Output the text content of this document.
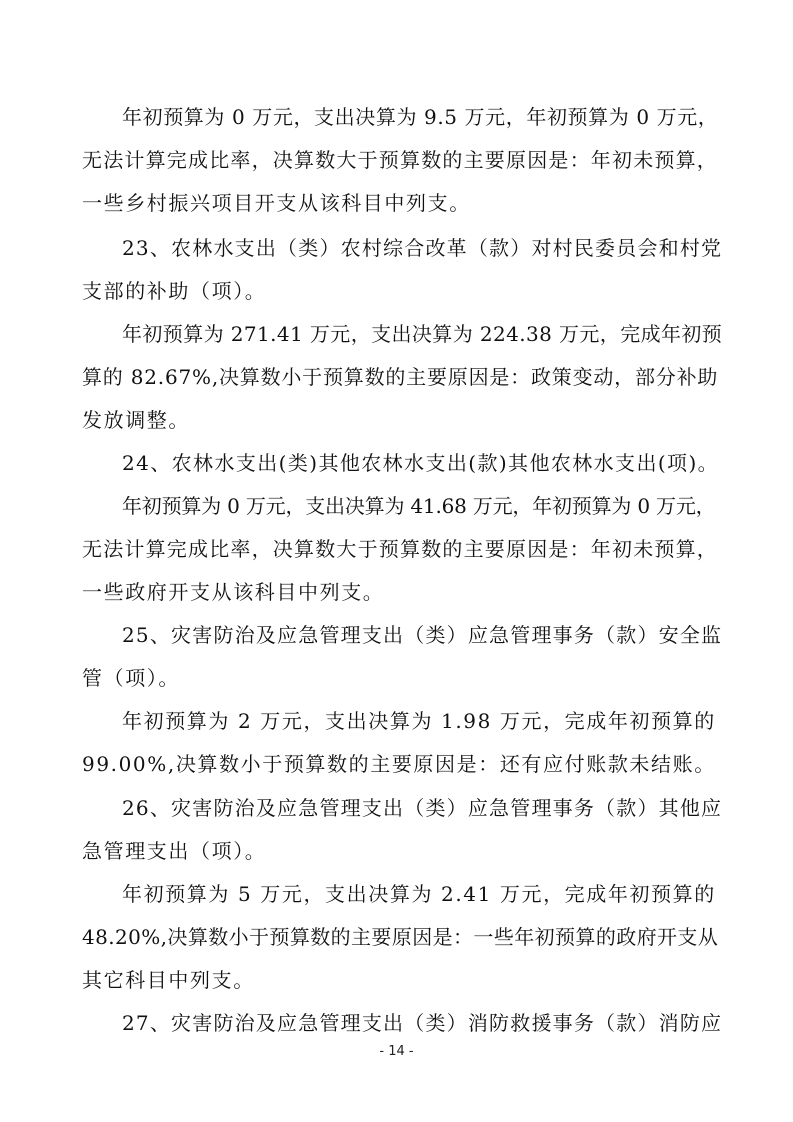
年初预算为 0 万元，支出决算为 9.5 万元，年初预算为 0 万元，
无法计算完成比率，决算数大于预算数的主要原因是：年初未预算，
一些乡村振兴项目开支从该科目中列支。
23、农林水支出（类）农村综合改革（款）对村民委员会和村党
支部的补助（项）。
年初预算为 271.41 万元，支出决算为 224.38 万元，完成年初预
算的 82.67%,决算数小于预算数的主要原因是：政策变动，部分补助
发放调整。
24、农林水支出(类)其他农林水支出(款)其他农林水支出(项)。
年初预算为 0 万元，支出决算为 41.68 万元，年初预算为 0 万元，
无法计算完成比率，决算数大于预算数的主要原因是：年初未预算，
一些政府开支从该科目中列支。
25、灾害防治及应急管理支出（类）应急管理事务（款）安全监
管（项）。
年初预算为 2 万元，支出决算为 1.98 万元，完成年初预算的
99.00%,决算数小于预算数的主要原因是：还有应付账款未结账。
26、灾害防治及应急管理支出（类）应急管理事务（款）其他应
急管理支出（项）。
年初预算为 5 万元，支出决算为 2.41 万元，完成年初预算的
48.20%,决算数小于预算数的主要原因是：一些年初预算的政府开支从
其它科目中列支。
27、灾害防治及应急管理支出（类）消防救援事务（款）消防应
- 14 -
